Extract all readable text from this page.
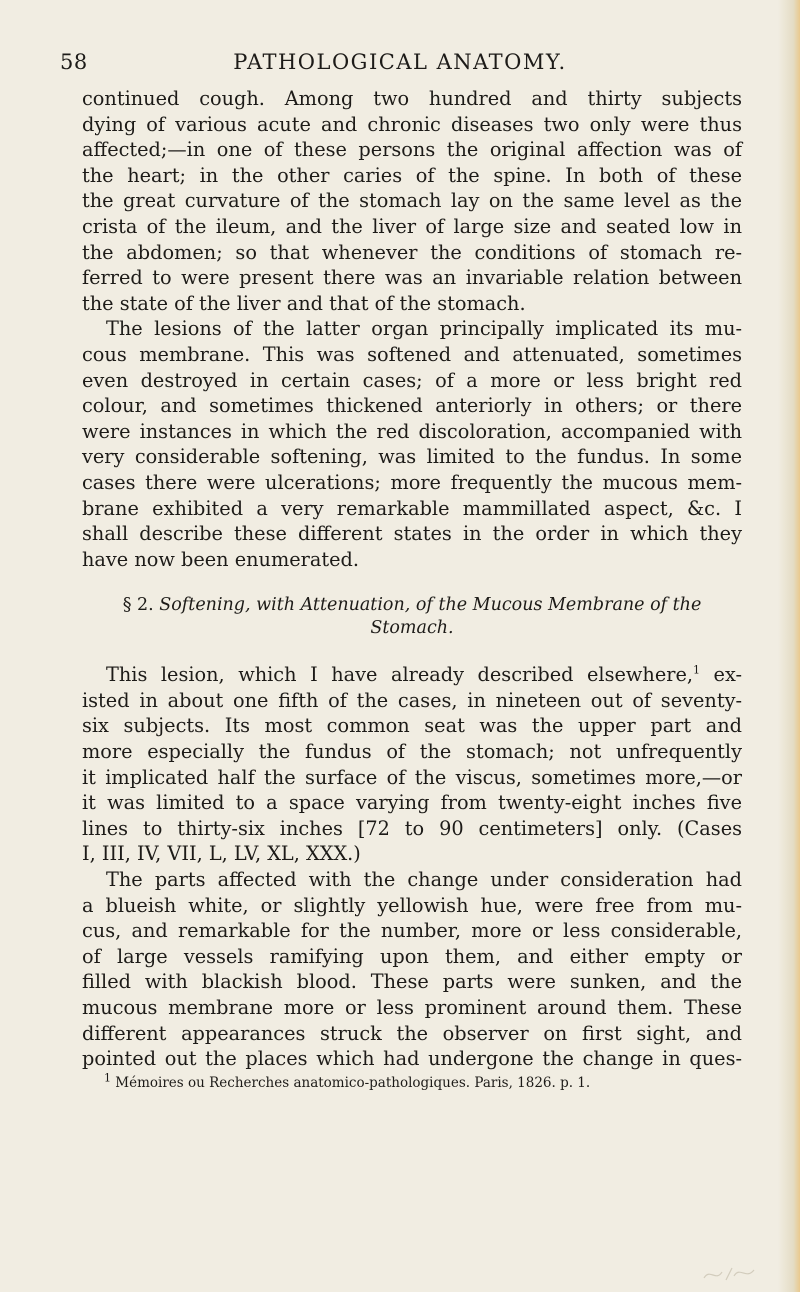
58	PATHOLOGICAL ANATOMY.
continued cough. Among two hundred and thirty subjects
dying of various acute and chronic diseases two only were thus
affected;—in one of these persons the original affection was of
the heart; in the other caries of the spine. In both of these
the great curvature of the stomach lay on the same level as the
crista of the ileum, and the liver of large size and seated low in
the abdomen; so that whenever the conditions of stomach re-
ferred to were present there was an invariable relation between
the state of the liver and that of the stomach.
The lesions of the latter organ principally implicated its mu-
cous membrane. This was softened and attenuated, sometimes
even destroyed in certain cases; of a more or less bright red
colour, and sometimes thickened anteriorly in others; or there
were instances in which the red discoloration, accompanied with
very considerable softening, was limited to the fundus. In some
cases there were ulcerations; more frequently the mucous mem-
brane exhibited a very remarkable mammillated aspect, &c. I
shall describe these different states in the order in which they
have now been enumerated.
§ 2. Softening, with Attenuation, of the Mucous Membrane of the
Stomach.
This lesion, which I have already described elsewhere,$^1$ ex-
isted in about one fifth of the cases, in nineteen out of seventy-
six subjects. Its most common seat was the upper part and
more especially the fundus of the stomach; not unfrequently
it implicated half the surface of the viscus, sometimes more,—or
it was limited to a space varying from twenty-eight inches five
lines to thirty-six inches [72 to 90 centimeters] only. (Cases
I, III, IV, VII, L, LV, XL, XXX.)
The parts affected with the change under consideration had
a blueish white, or slightly yellowish hue, were free from mu-
cus, and remarkable for the number, more or less considerable,
of large vessels ramifying upon them, and either empty or
filled with blackish blood. These parts were sunken, and the
mucous membrane more or less prominent around them. These
different appearances struck the observer on first sight, and
pointed out the places which had undergone the change in ques-
$^1$ Mémoires ou Recherches anatomico-pathologiques. Paris, 1826. p. 1.
